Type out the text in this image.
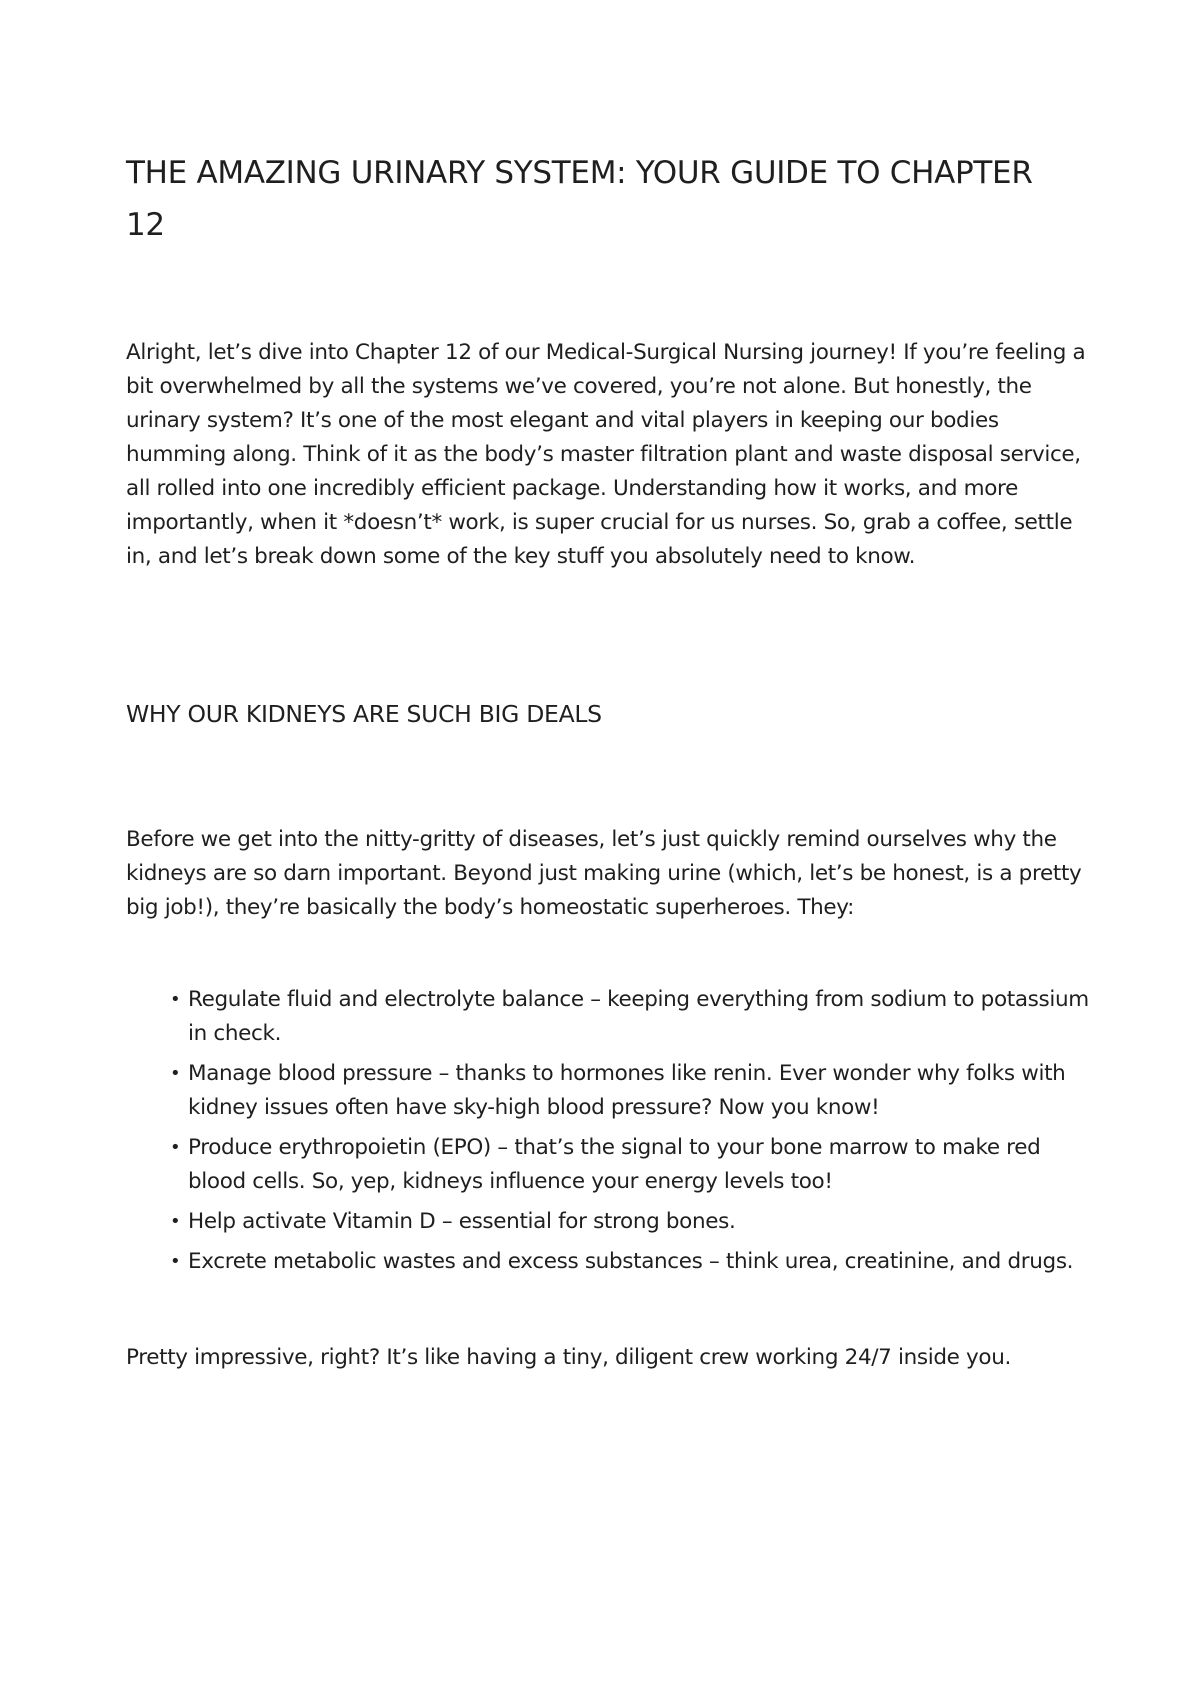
THE AMAZING URINARY SYSTEM: YOUR GUIDE TO CHAPTER 12

Alright, let’s dive into Chapter 12 of our Medical-Surgical Nursing journey! If you’re feeling a bit overwhelmed by all the systems we’ve covered, you’re not alone. But honestly, the urinary system? It’s one of the most elegant and vital players in keeping our bodies humming along. Think of it as the body’s master filtration plant and waste disposal service, all rolled into one incredibly efficient package. Understanding how it works, and more importantly, when it *doesn’t* work, is super crucial for us nurses. So, grab a coffee, settle in, and let’s break down some of the key stuff you absolutely need to know.

WHY OUR KIDNEYS ARE SUCH BIG DEALS

Before we get into the nitty-gritty of diseases, let’s just quickly remind ourselves why the kidneys are so darn important. Beyond just making urine (which, let’s be honest, is a pretty big job!), they’re basically the body’s homeostatic superheroes. They:

• Regulate fluid and electrolyte balance – keeping everything from sodium to potassium in check.
• Manage blood pressure – thanks to hormones like renin. Ever wonder why folks with kidney issues often have sky-high blood pressure? Now you know!
• Produce erythropoietin (EPO) – that’s the signal to your bone marrow to make red blood cells. So, yep, kidneys influence your energy levels too!
• Help activate Vitamin D – essential for strong bones.
• Excrete metabolic wastes and excess substances – think urea, creatinine, and drugs.

Pretty impressive, right? It’s like having a tiny, diligent crew working 24/7 inside you.
